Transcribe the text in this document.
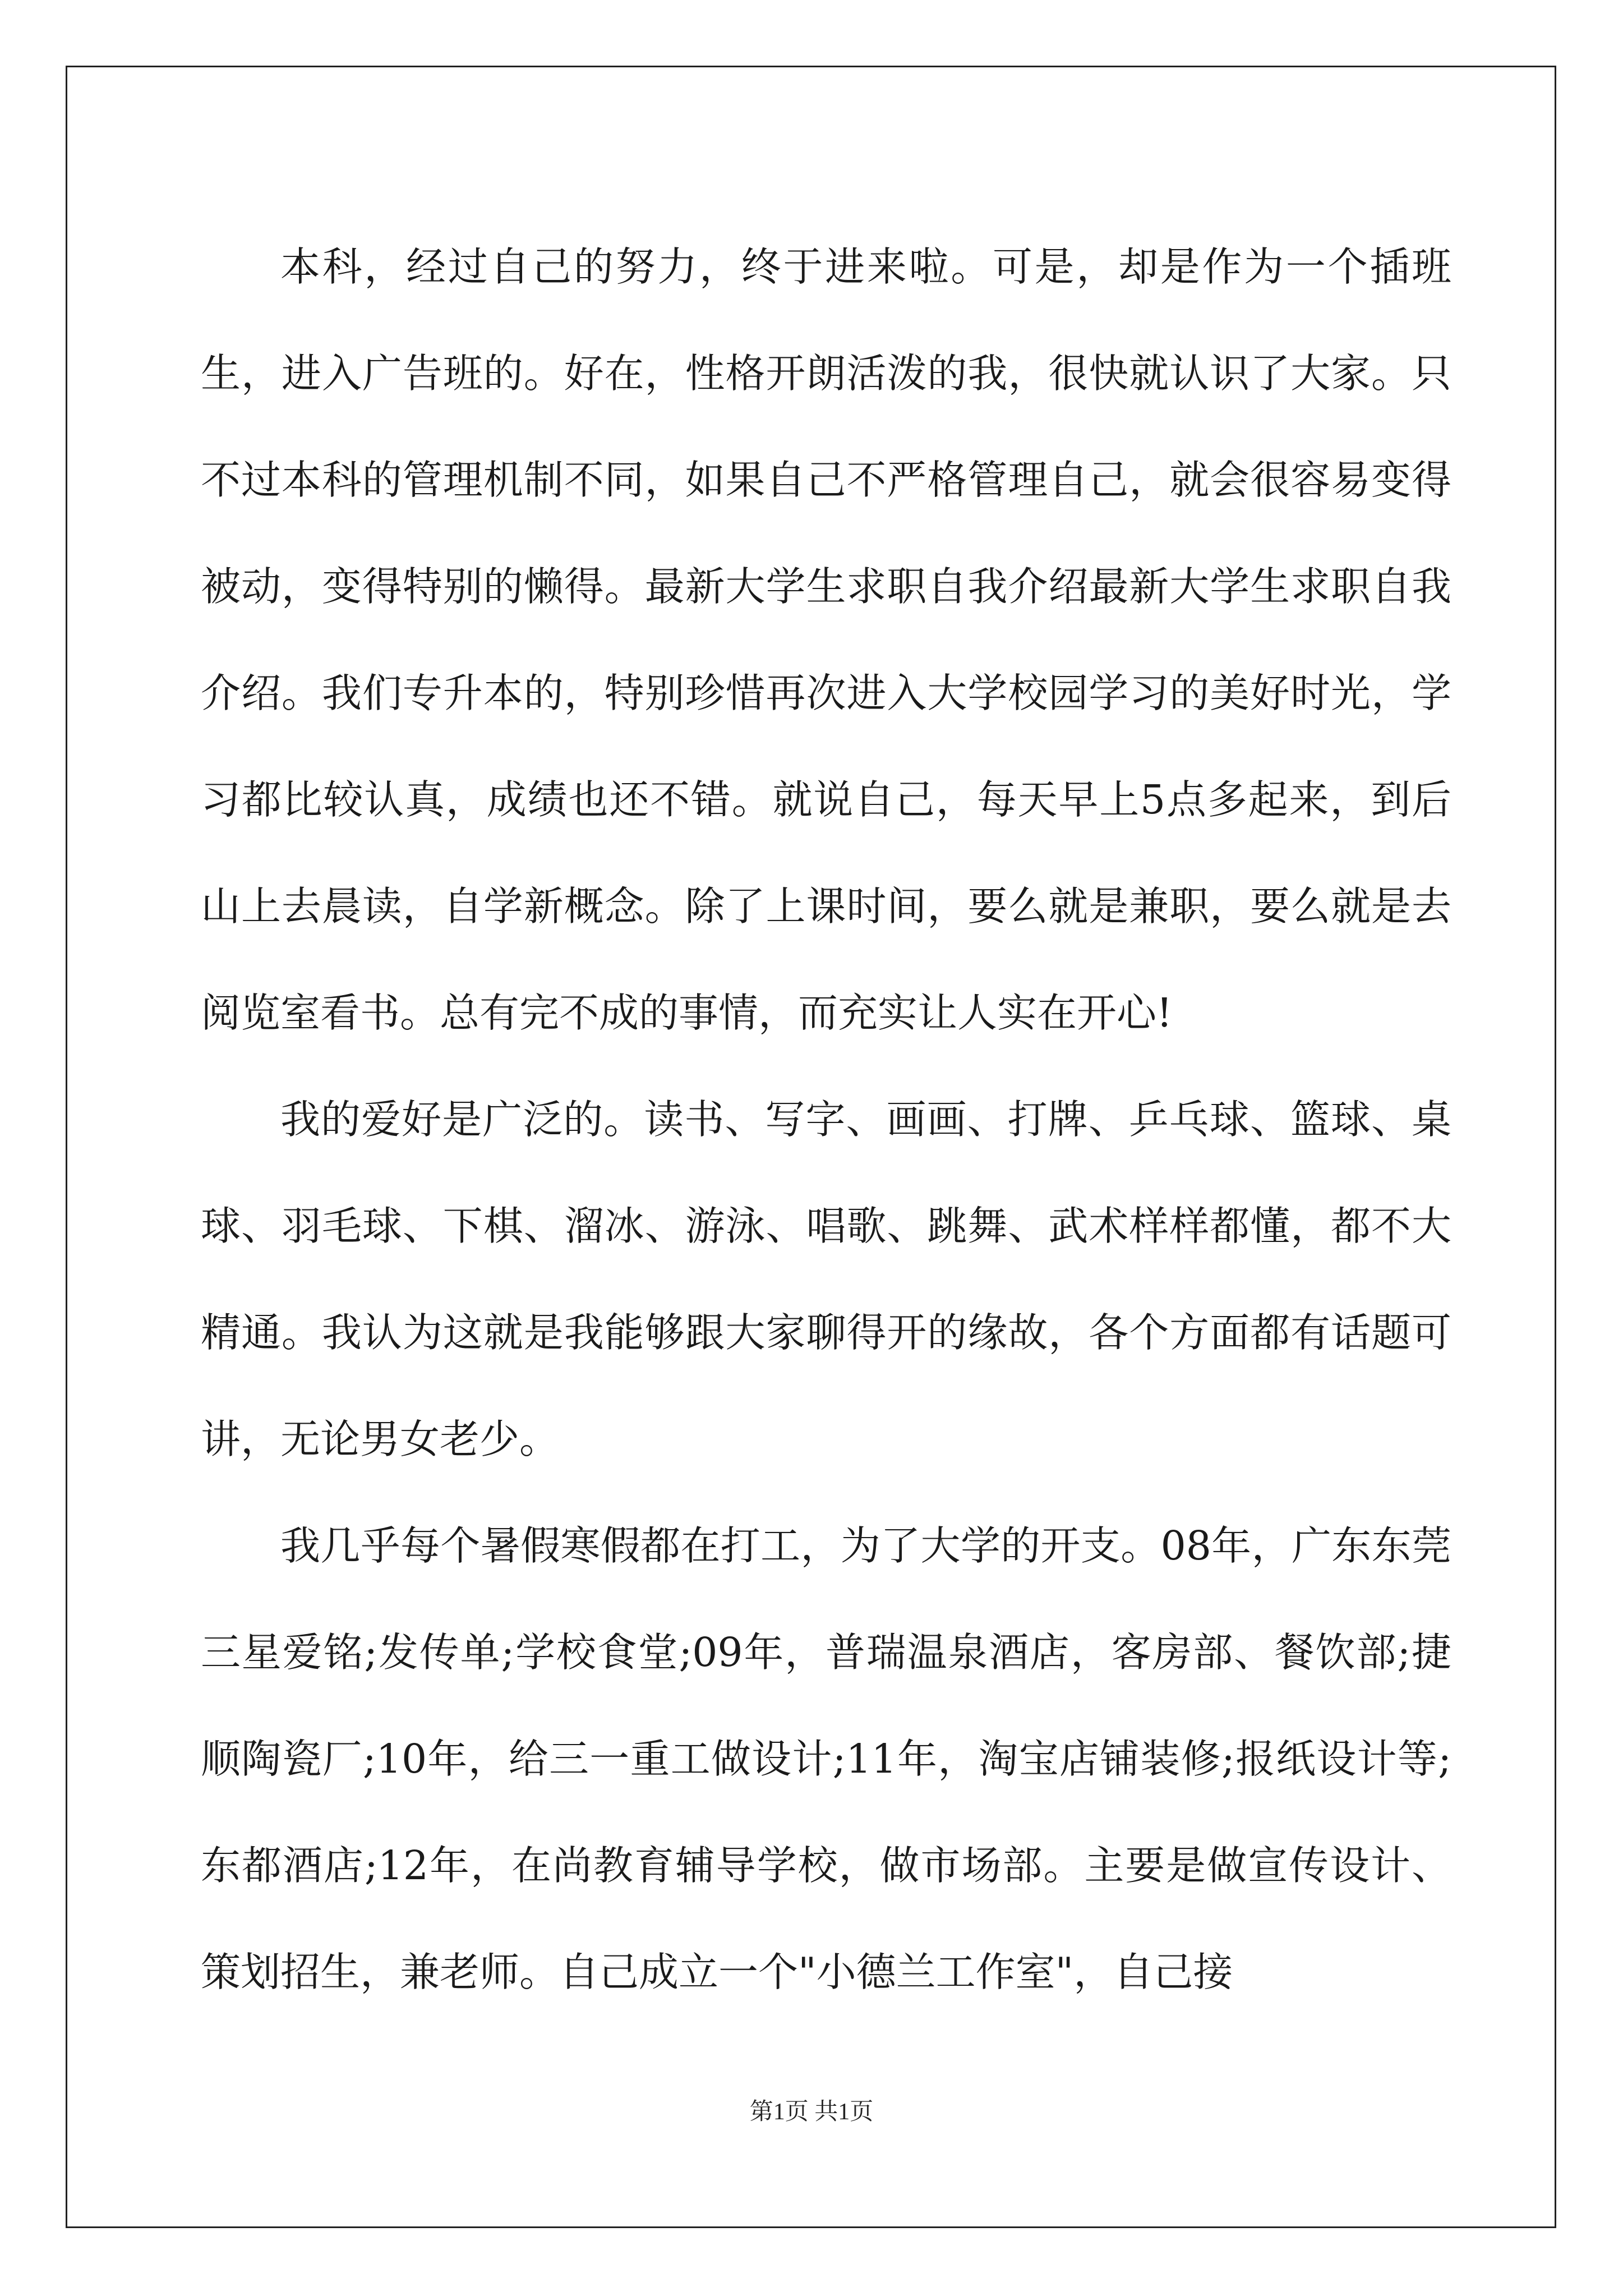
本科，经过自己的努力，终于进来啦。可是，却是作为一个插班生，进入广告班的。好在，性格开朗活泼的我，很快就认识了大家。只不过本科的管理机制不同，如果自己不严格管理自己，就会很容易变得被动，变得特别的懒得。最新大学生求职自我介绍最新大学生求职自我介绍。我们专升本的，特别珍惜再次进入大学校园学习的美好时光，学习都比较认真，成绩也还不错。就说自己，每天早上5点多起来，到后山上去晨读，自学新概念。除了上课时间，要么就是兼职，要么就是去阅览室看书。总有完不成的事情，而充实让人实在开心!

我的爱好是广泛的。读书、写字、画画、打牌、乒乓球、篮球、桌球、羽毛球、下棋、溜冰、游泳、唱歌、跳舞、武术样样都懂，都不大精通。我认为这就是我能够跟大家聊得开的缘故，各个方面都有话题可讲，无论男女老少。

我几乎每个暑假寒假都在打工，为了大学的开支。08年，广东东莞三星爱铭;发传单;学校食堂;09年，普瑞温泉酒店，客房部、餐饮部;捷顺陶瓷厂;10年，给三一重工做设计;11年，淘宝店铺装修;报纸设计等;东都酒店;12年，在尚教育辅导学校，做市场部。主要是做宣传设计、策划招生，兼老师。自己成立一个"小德兰工作室"，自己接

第1页 共1页
